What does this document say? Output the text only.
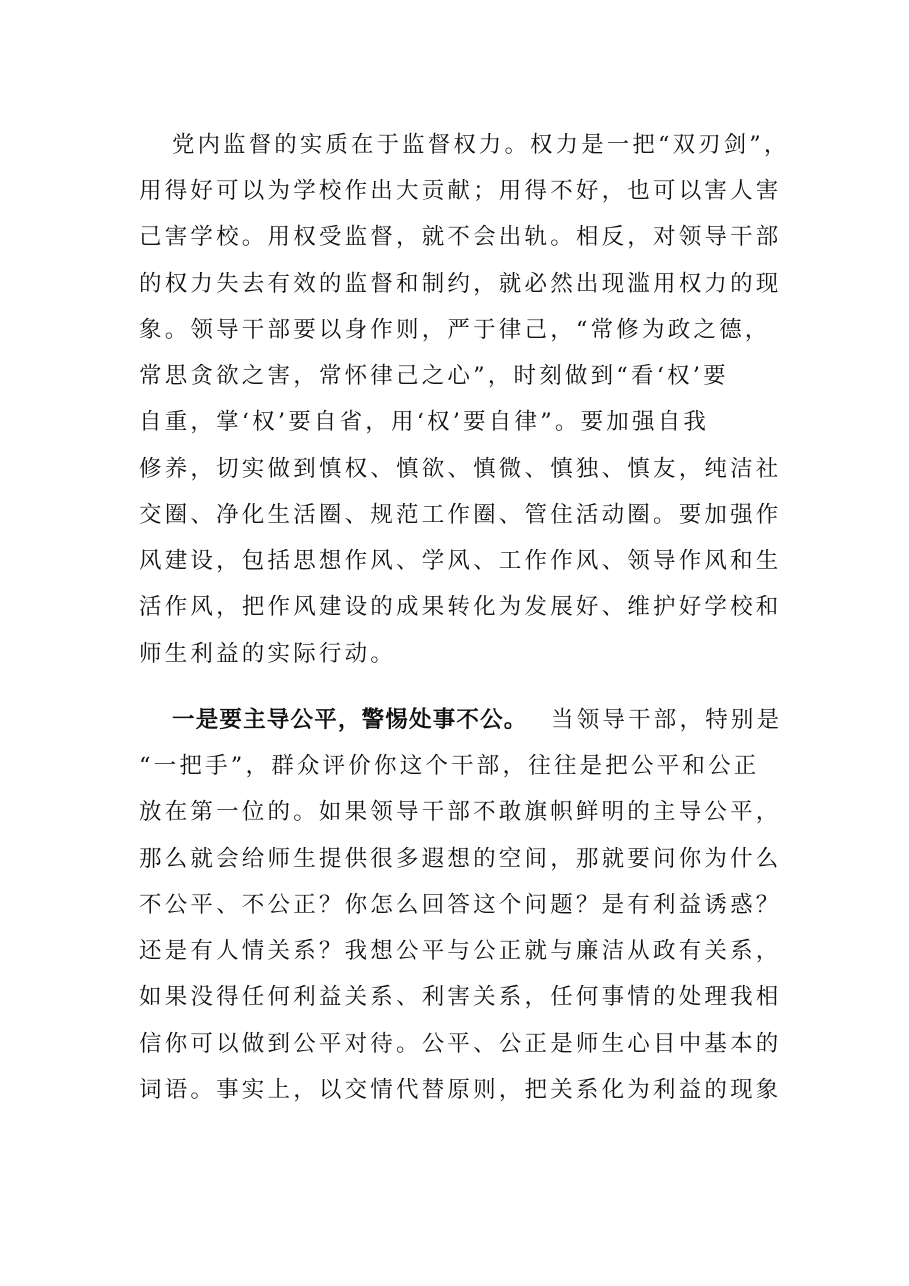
党内监督的实质在于监督权力。权力是一把“双刃剑”，
用得好可以为学校作出大贡献；用得不好，也可以害人害
己害学校。用权受监督，就不会出轨。相反，对领导干部
的权力失去有效的监督和制约，就必然出现滥用权力的现
象。领导干部要以身作则，严于律己，“常修为政之德，
常思贪欲之害，常怀律己之心”，时刻做到“看‘权’要
自重，掌‘权’要自省，用‘权’要自律”。要加强自我
修养，切实做到慎权、慎欲、慎微、慎独、慎友，纯洁社
交圈、净化生活圈、规范工作圈、管住活动圈。要加强作
风建设，包括思想作风、学风、工作作风、领导作风和生
活作风，把作风建设的成果转化为发展好、维护好学校和
师生利益的实际行动。
一是要主导公平，警惕处事不公。 当领导干部，特别是
“一把手”，群众评价你这个干部，往往是把公平和公正
放在第一位的。如果领导干部不敢旗帜鲜明的主导公平，
那么就会给师生提供很多遐想的空间，那就要问你为什么
不公平、不公正？你怎么回答这个问题？是有利益诱惑？
还是有人情关系？我想公平与公正就与廉洁从政有关系，
如果没得任何利益关系、利害关系，任何事情的处理我相
信你可以做到公平对待。公平、公正是师生心目中基本的
词语。事实上，以交情代替原则，把关系化为利益的现象
